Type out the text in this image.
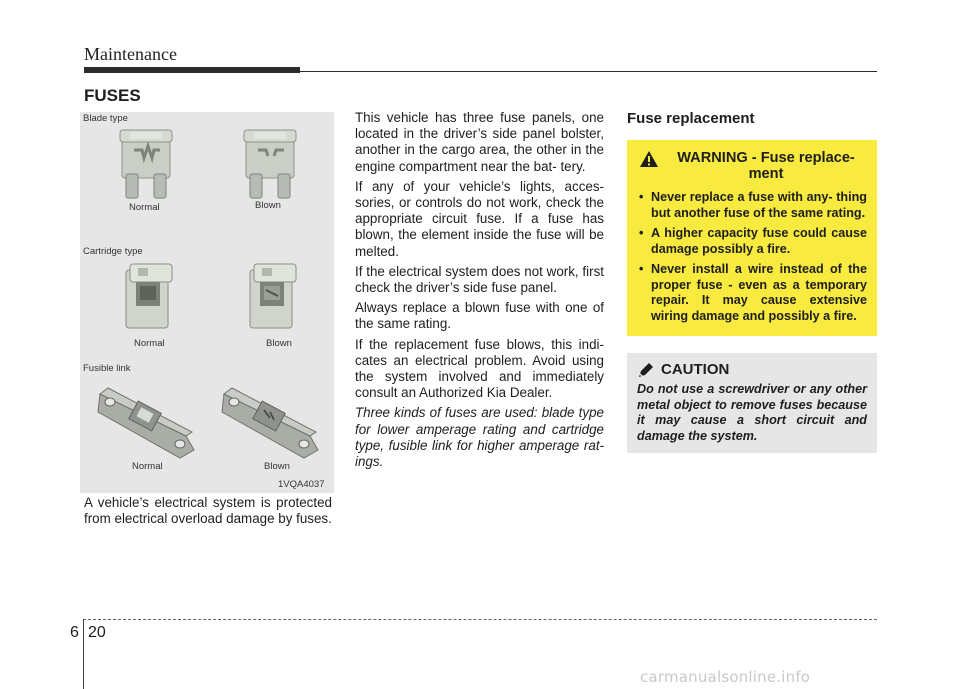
Maintenance
FUSES
Blade type
Normal	Blown
Cartridge type
Normal	Blown
Fusible link
Normal	Blown
1VQA4037

A vehicle’s electrical system is protected from electrical overload damage by fuses.

This vehicle has three fuse panels, one located in the driver’s side panel bolster, another in the cargo area, the other in the engine compartment near the bat- tery.

If any of your vehicle’s lights, acces- sories, or controls do not work, check the appropriate circuit fuse. If a fuse has blown, the element inside the fuse will be melted.

If the electrical system does not work, first check the driver’s side fuse panel.

Always replace a blown fuse with one of the same rating.

If the replacement fuse blows, this indi- cates an electrical problem. Avoid using the system involved and immediately consult an Authorized Kia Dealer.

Three kinds of fuses are used: blade type for lower amperage rating and cartridge type, fusible link for higher amperage rat- ings.

Fuse replacement
WARNING - Fuse replace- ment
• Never replace a fuse with any- thing but another fuse of the same rating.
• A higher capacity fuse could cause damage possibly a fire.
• Never install a wire instead of the proper fuse - even as a temporary repair. It may cause extensive wiring damage and possibly a fire.
CAUTION
Do not use a screwdriver or any other metal object to remove fuses because it may cause a short circuit and damage the system.
6 20
carmanualsonline.info
